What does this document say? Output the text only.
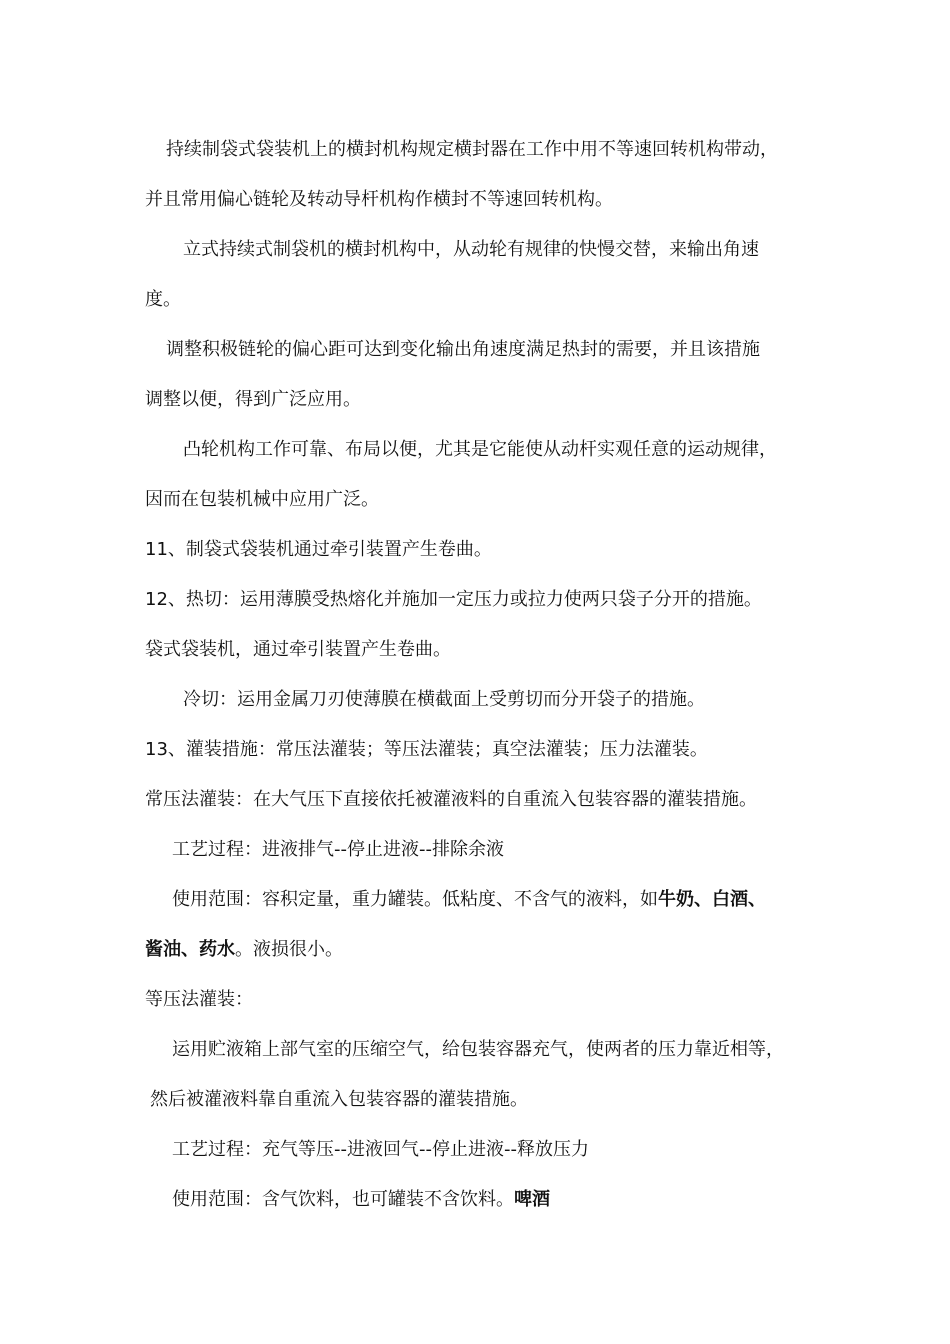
持续制袋式袋装机上的横封机构规定横封器在工作中用不等速回转机构带动，
并且常用偏心链轮及转动导杆机构作横封不等速回转机构。
立式持续式制袋机的横封机构中，从动轮有规律的快慢交替，来输出角速
度。
调整积极链轮的偏心距可达到变化输出角速度满足热封的需要，并且该措施
调整以便，得到广泛应用。
凸轮机构工作可靠、布局以便，尤其是它能使从动杆实观任意的运动规律，
因而在包装机械中应用广泛。
11、制袋式袋装机通过牵引装置产生卷曲。
12、热切：运用薄膜受热熔化并施加一定压力或拉力使两只袋子分开的措施。
袋式袋装机，通过牵引装置产生卷曲。
冷切：运用金属刀刃使薄膜在横截面上受剪切而分开袋子的措施。
13、灌装措施：常压法灌装；等压法灌装；真空法灌装；压力法灌装。
常压法灌装：在大气压下直接依托被灌液料的自重流入包装容器的灌装措施。
工艺过程：进液排气--停止进液--排除余液
使用范围：容积定量，重力罐装。低粘度、不含气的液料，如牛奶、白酒、
酱油、药水。液损很小。
等压法灌装：
运用贮液箱上部气室的压缩空气，给包装容器充气，使两者的压力靠近相等，
然后被灌液料靠自重流入包装容器的灌装措施。
工艺过程：充气等压--进液回气--停止进液--释放压力
使用范围：含气饮料，也可罐装不含饮料。啤酒
